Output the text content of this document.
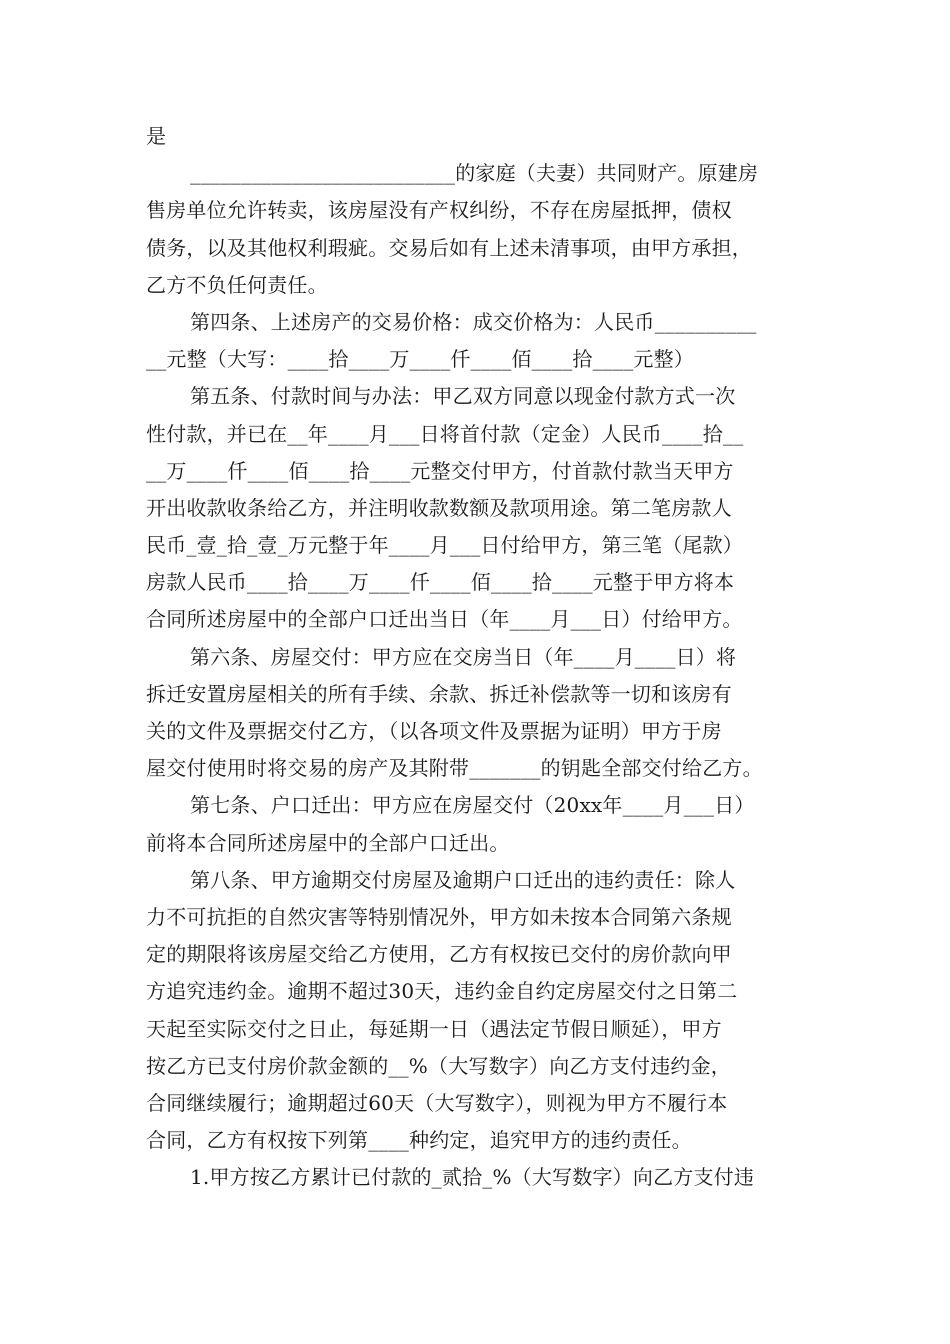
是
__________________________的家庭（夫妻）共同财产。原建房
售房单位允许转卖，该房屋没有产权纠纷，不存在房屋抵押，债权
债务，以及其他权利瑕疵。交易后如有上述未清事项，由甲方承担，
乙方不负任何责任。
第四条、上述房产的交易价格：成交价格为：人民币__________
__元整（大写：____拾____万____仟____佰____拾____元整）
第五条、付款时间与办法：甲乙双方同意以现金付款方式一次
性付款，并已在__年____月___日将首付款（定金）人民币____拾__
__万____仟____佰____拾____元整交付甲方，付首款付款当天甲方
开出收款收条给乙方，并注明收款数额及款项用途。第二笔房款人
民币_壹_拾_壹_万元整于年____月___日付给甲方，第三笔（尾款）
房款人民币____拾____万____仟____佰____拾____元整于甲方将本
合同所述房屋中的全部户口迁出当日（年____月___日）付给甲方。
第六条、房屋交付：甲方应在交房当日（年____月____日）将
拆迁安置房屋相关的所有手续、余款、拆迁补偿款等一切和该房有
关的文件及票据交付乙方，（以各项文件及票据为证明）甲方于房
屋交付使用时将交易的房产及其附带_______的钥匙全部交付给乙方。
第七条、户口迁出：甲方应在房屋交付（20xx年____月___日）
前将本合同所述房屋中的全部户口迁出。
第八条、甲方逾期交付房屋及逾期户口迁出的违约责任：除人
力不可抗拒的自然灾害等特别情况外，甲方如未按本合同第六条规
定的期限将该房屋交给乙方使用，乙方有权按已交付的房价款向甲
方追究违约金。逾期不超过30天，违约金自约定房屋交付之日第二
天起至实际交付之日止，每延期一日（遇法定节假日顺延），甲方
按乙方已支付房价款金额的__%（大写数字）向乙方支付违约金，
合同继续履行；逾期超过60天（大写数字），则视为甲方不履行本
合同，乙方有权按下列第____种约定，追究甲方的违约责任。
1.甲方按乙方累计已付款的_贰拾_%（大写数字）向乙方支付违
